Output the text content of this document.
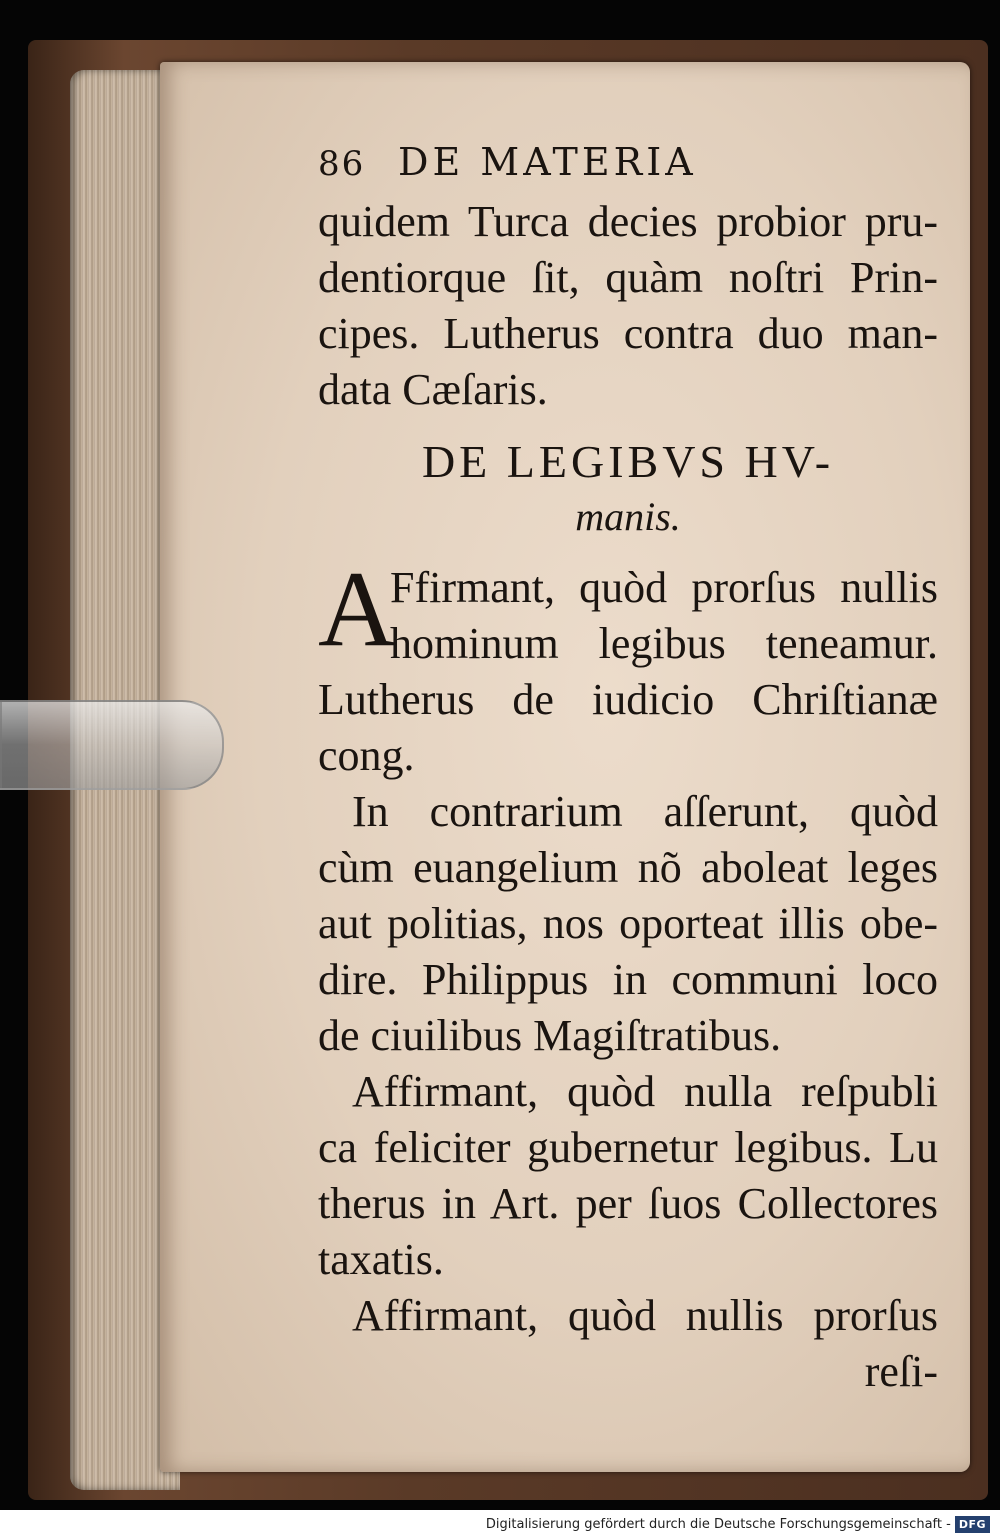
86 DE MATERIA
quidem Turca decies probior pru-
dentiorque ſit, quàm noſtri Prin-
cipes. Lutherus contra duo man-
data Cæſaris.
DE LEGIBVS HV-
manis.
A
Ffirmant, quòd prorſus nullis
hominum legibus teneamur.
Lutherus de iudicio Chriſtianæ
cong.
In contrarium aſſerunt, quòd
cùm euangelium nõ aboleat leges
aut politias, nos oporteat illis obe-
dire. Philippus in communi loco
de ciuilibus Magiſtratibus.
Affirmant, quòd nulla reſpubli
ca feliciter gubernetur legibus. Lu
therus in Art. per ſuos Collectores
taxatis.
Affirmant, quòd nullis prorſus
reſi-
Digitalisierung gefördert durch die Deutsche Forschungsgemeinschaft - DFG
